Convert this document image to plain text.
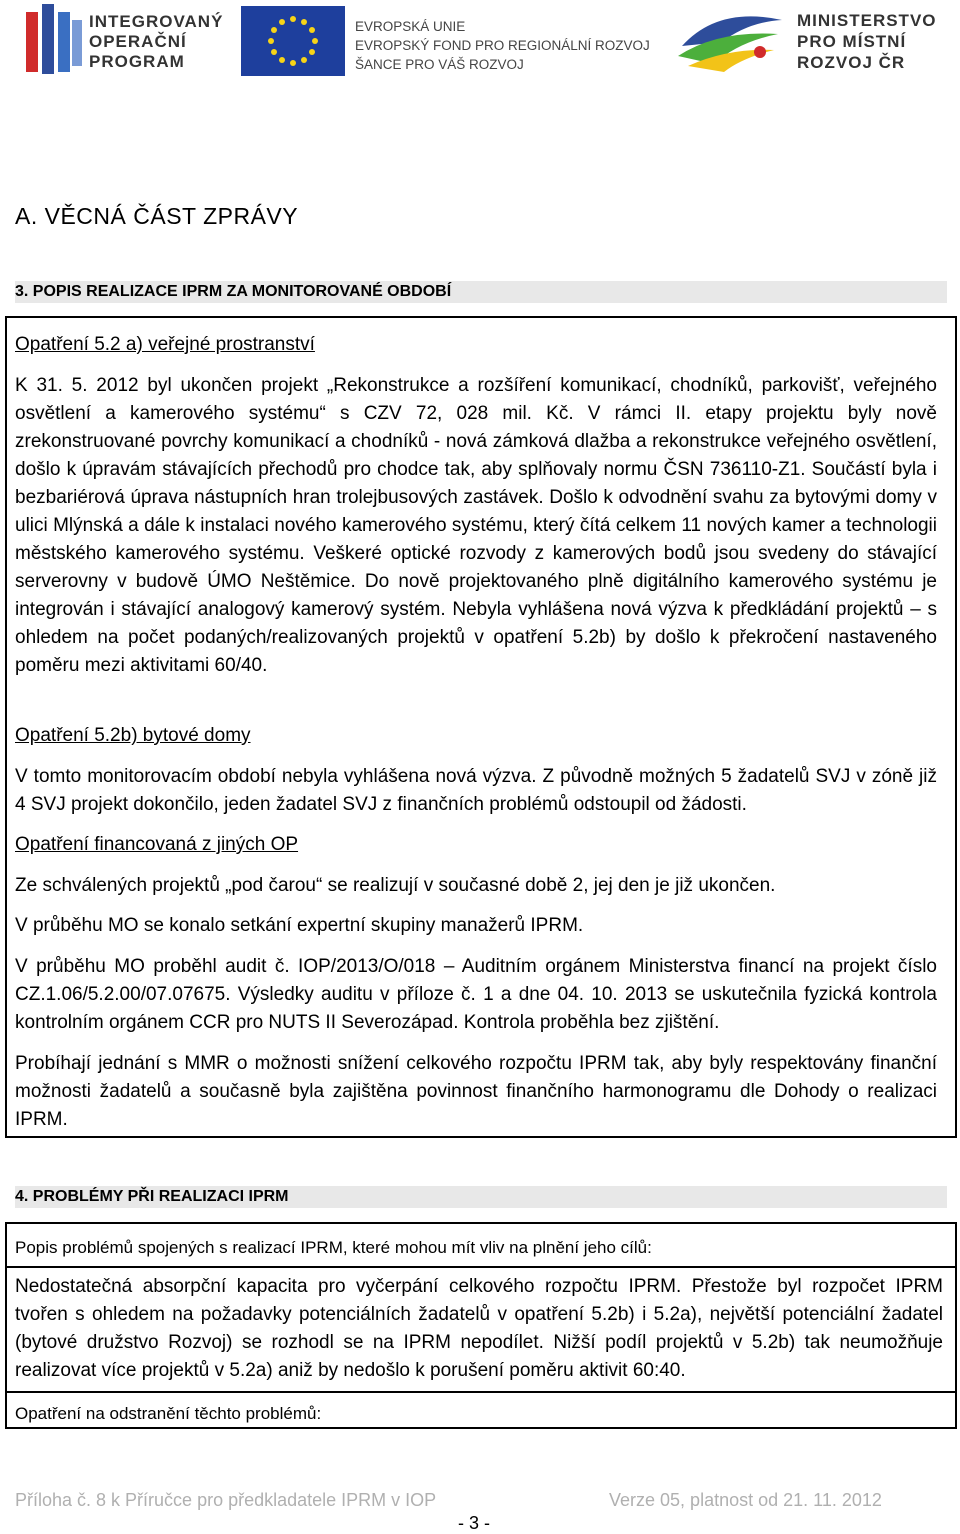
INTEGROVANÝ
OPERAČNÍ
PROGRAM
EVROPSKÁ UNIE
EVROPSKÝ FOND PRO REGIONÁLNÍ ROZVOJ
ŠANCE PRO VÁŠ ROZVOJ
MINISTERSTVO
PRO MÍSTNÍ
ROZVOJ ČR
A. VĚCNÁ ČÁST ZPRÁVY
3. POPIS REALIZACE IPRM ZA MONITOROVANÉ OBDOBÍ

Opatření 5.2 a) veřejné prostranství

K 31. 5. 2012 byl ukončen projekt „Rekonstrukce a rozšíření komunikací, chodníků, parkovišť, veřejného osvětlení a kamerového systému“ s CZV 72, 028 mil. Kč. V rámci II. etapy projektu byly nově zrekonstruované povrchy komunikací a chodníků - nová zámková dlažba a rekonstrukce veřejného osvětlení, došlo k úpravám stávajících přechodů pro chodce tak, aby splňovaly normu ČSN 736110-Z1. Součástí byla i bezbariérová úprava nástupních hran trolejbusových zastávek. Došlo k odvodnění svahu za bytovými domy v ulici Mlýnská a dále k instalaci nového kamerového systému, který čítá celkem 11 nových kamer a technologii městského kamerového systému. Veškeré optické rozvody z kamerových bodů jsou svedeny do stávající serverovny v budově ÚMO Neštěmice. Do nově projektovaného plně digitálního kamerového systému je integrován i stávající analogový kamerový systém. Nebyla vyhlášena nová výzva k předkládání projektů – s ohledem na počet podaných/realizovaných projektů v opatření 5.2b) by došlo k překročení nastaveného poměru mezi aktivitami 60/40.

Opatření 5.2b) bytové domy

V tomto monitorovacím období nebyla vyhlášena nová výzva. Z původně možných 5 žadatelů SVJ v zóně již 4 SVJ projekt dokončilo, jeden žadatel SVJ z finančních problémů odstoupil od žádosti.

Opatření financovaná z jiných OP

Ze schválených projektů „pod čarou“ se realizují v současné době 2, jej den je již ukončen.

V průběhu MO se konalo setkání expertní skupiny manažerů IPRM.

V průběhu MO proběhl audit č. IOP/2013/O/018 – Auditním orgánem Ministerstva financí na projekt číslo CZ.1.06/5.2.00/07.07675. Výsledky auditu v příloze č. 1 a dne 04. 10. 2013 se uskutečnila fyzická kontrola kontrolním orgánem CCR pro NUTS II Severozápad. Kontrola proběhla bez zjištění.

Probíhají jednání s MMR o možnosti snížení celkového rozpočtu IPRM tak, aby byly respektovány finanční možnosti žadatelů a současně byla zajištěna povinnost finančního harmonogramu dle Dohody o realizaci IPRM.

4. PROBLÉMY PŘI REALIZACI IPRM

Popis problémů spojených s realizací IPRM, které mohou mít vliv na plnění jeho cílů:

Nedostatečná absorpční kapacita pro vyčerpání celkového rozpočtu IPRM. Přestože byl rozpočet IPRM tvořen s ohledem na požadavky potenciálních žadatelů v opatření 5.2b) i 5.2a), největší potenciální žadatel (bytové družstvo Rozvoj) se rozhodl se na IPRM nepodílet. Nižší podíl projektů v 5.2b) tak neumožňuje realizovat více projektů v 5.2a) aniž by nedošlo k porušení poměru aktivit 60:40.

Opatření na odstranění těchto problémů:

Příloha č. 8 k Příručce pro předkladatele IPRM v IOP	Verze 05, platnost od 21. 11. 2012
- 3 -
